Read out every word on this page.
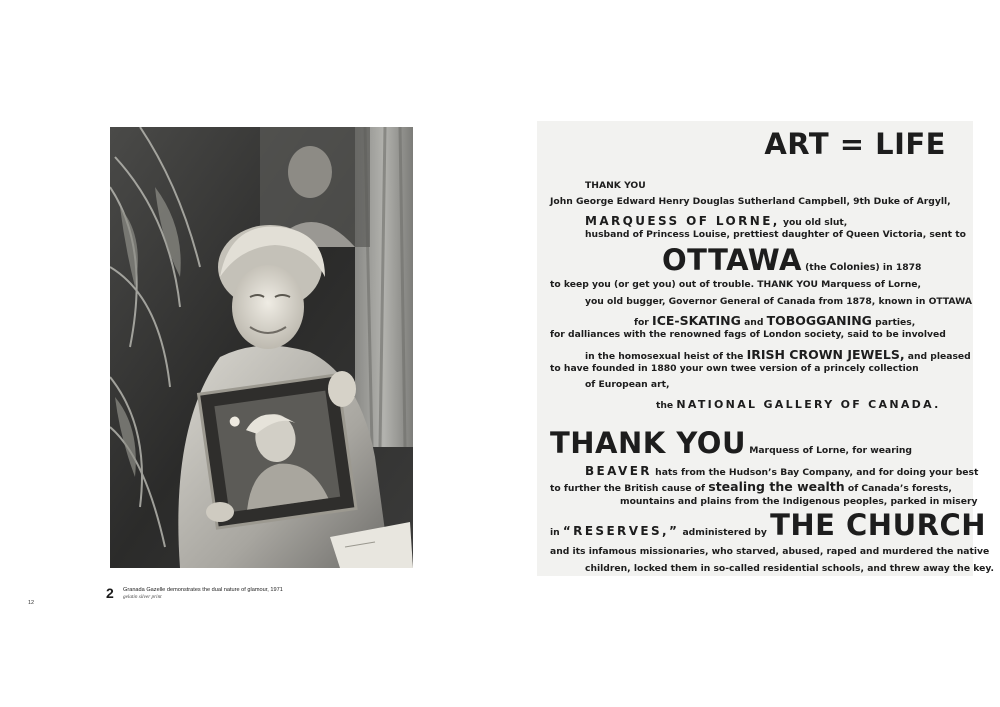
2 Granada Gazelle demonstrates the dual nature of glamour, 1971
gelatin silver print
12
ART = LIFE
THANK YOU
John George Edward Henry Douglas Sutherland Campbell, 9th Duke of Argyll,
MARQUESS OF LORNE, you old slut,
husband of Princess Louise, prettiest daughter of Queen Victoria, sent to
OTTAWA (the Colonies) in 1878
to keep you (or get you) out of trouble. THANK YOU Marquess of Lorne,
you old bugger, Governor General of Canada from 1878, known in OTTAWA
for ICE-SKATING and TOBOGGANING parties,
for dalliances with the renowned fags of London society, said to be involved
in the homosexual heist of the IRISH CROWN JEWELS, and pleased
to have founded in 1880 your own twee version of a princely collection
of European art,
the NATIONAL GALLERY OF CANADA.
THANK YOU Marquess of Lorne, for wearing
BEAVER hats from the Hudson’s Bay Company, and for doing your best
to further the British cause of stealing the wealth of Canada’s forests,
mountains and plains from the Indigenous peoples, parked in misery
in “RESERVES,” administered by THE CHURCH
and its infamous missionaries, who starved, abused, raped and murdered the native
children, locked them in so-called residential schools, and threw away the key.
